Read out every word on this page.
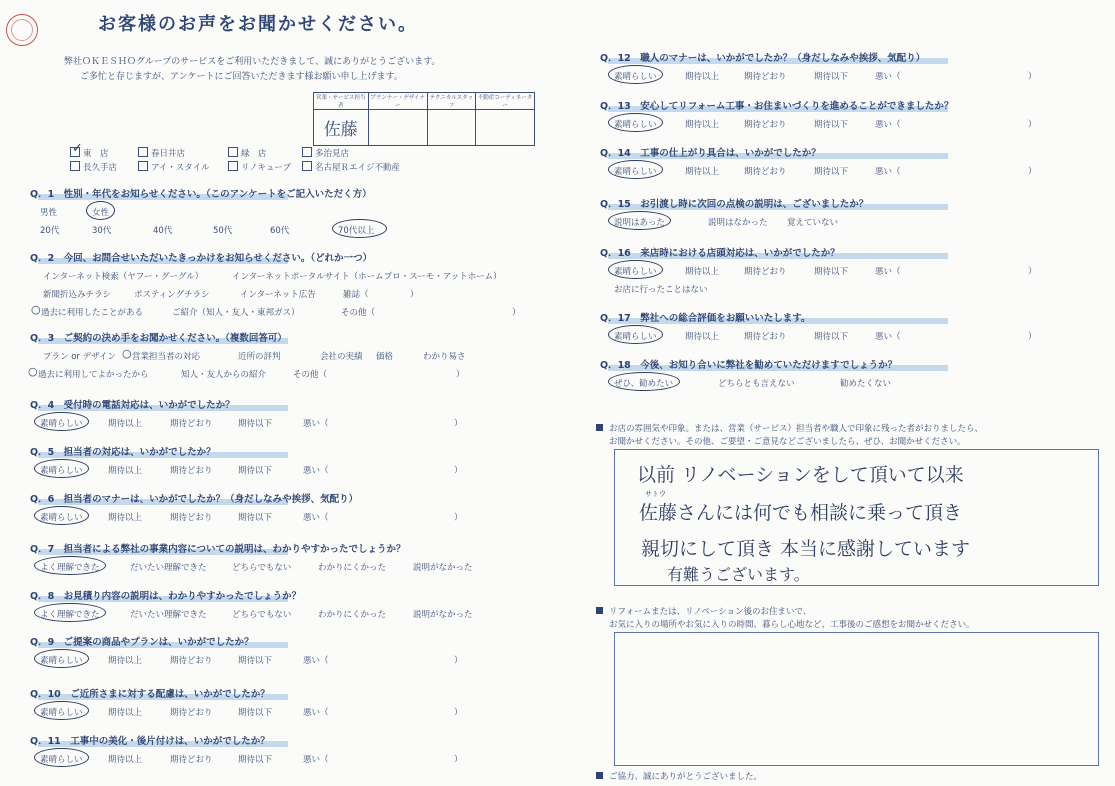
お客様のお声をお聞かせください。
弊社ＯＫＥＳＨＯグループのサービスをご利用いただきまして、誠にありがとうございます。
ご多忙と存じますが、アンケートにご回答いただきます様お願い申し上げます。
営業・サービス担当者	プランナー・デザイナー	テクニカルスタッフ	不動産コーディネーター
佐藤			
東　店	春日井店	緑　店	多治見店
✓
長久手店	アイ・スタイル	リノキューブ	名古屋Ｒエイジ不動産
Q．1　性別・年代をお知らせください。（このアンケートをご記入いただく方）
男性	女性
20代	30代	40代	50代	60代	70代以上
Q．2　今回、お問合せいただいたきっかけをお知らせください。（どれか一つ）
インターネット検索（ヤフー・グーグル）	インターネットポータルサイト（ホームプロ・スーモ・アットホーム）
新聞折込みチラシ	ポスティングチラシ	インターネット広告	雑誌（	）
過去に利用したことがある	ご紹介（知人・友人・東邦ガス）	その他（	）
Q．3　ご契約の決め手をお聞かせください。（複数回答可）
プラン or デザイン 営業担当者の対応	近所の評判	会社の実績 価格	わかり易さ
過去に利用してよかったから	知人・友人からの紹介	その他（	）
Q．4　受付時の電話対応は、いかがでしたか？
素晴らしい	期待以上	期待どおり	期待以下	悪い（	）
Q．5　担当者の対応は、いかがでしたか？
素晴らしい	期待以上	期待どおり	期待以下	悪い（	）
Q．6　担当者のマナーは、いかがでしたか？（身だしなみや挨拶、気配り）
素晴らしい	期待以上	期待どおり	期待以下	悪い（	）
Q．7　担当者による弊社の事業内容についての説明は、わかりやすかったでしょうか？
よく理解できた	だいたい理解できた	どちらでもない	わかりにくかった	説明がなかった
Q．8　お見積り内容の説明は、わかりやすかったでしょうか？
よく理解できた	だいたい理解できた	どちらでもない	わかりにくかった	説明がなかった
Q．9　ご提案の商品やプランは、いかがでしたか？
素晴らしい	期待以上	期待どおり	期待以下	悪い（	）
Q．10　ご近所さまに対する配慮は、いかがでしたか？
素晴らしい	期待以上	期待どおり	期待以下	悪い（	）
Q．11　工事中の美化・後片付けは、いかがでしたか？
素晴らしい	期待以上	期待どおり	期待以下	悪い（	）
○
○
○
Q．12　職人のマナーは、いかがでしたか？（身だしなみや挨拶、気配り）
素晴らしい	期待以上	期待どおり	期待以下	悪い（	）
Q．13　安心してリフォーム工事・お住まいづくりを進めることができましたか？
素晴らしい	期待以上	期待どおり	期待以下	悪い（	）
Q．14　工事の仕上がり具合は、いかがでしたか？
素晴らしい	期待以上	期待どおり	期待以下	悪い（	）
Q．15　お引渡し時に次回の点検の説明は、ございましたか？
説明はあった	説明はなかった 覚えていない
Q．16　来店時における店頭対応は、いかがでしたか？
素晴らしい	期待以上	期待どおり	期待以下	悪い（	）
お店に行ったことはない
Q．17　弊社への総合評価をお願いいたします。
素晴らしい	期待以上	期待どおり	期待以下	悪い（	）
Q．18　今後、お知り合いに弊社を勧めていただけますでしょうか？
ぜひ、勧めたい	どちらとも言えない	勧めたくない
お店の雰囲気や印象。または、営業（サービス）担当者や職人で印象に残った者がおりましたら、
お聞かせください。その他、ご要望・ご意見などございましたら、ぜひ、お聞かせください。
サトウ
以前 リノベーションをして頂いて以来
佐藤さんには何でも相談に乗って頂き
親切にして頂き 本当に感謝しています
有難うございます。
リフォームまたは、リノベーション後のお住まいで、
お気に入りの場所やお気に入りの時間、暮らし心地など、工事後のご感想をお聞かせください。
ご協力、誠にありがとうございました。
